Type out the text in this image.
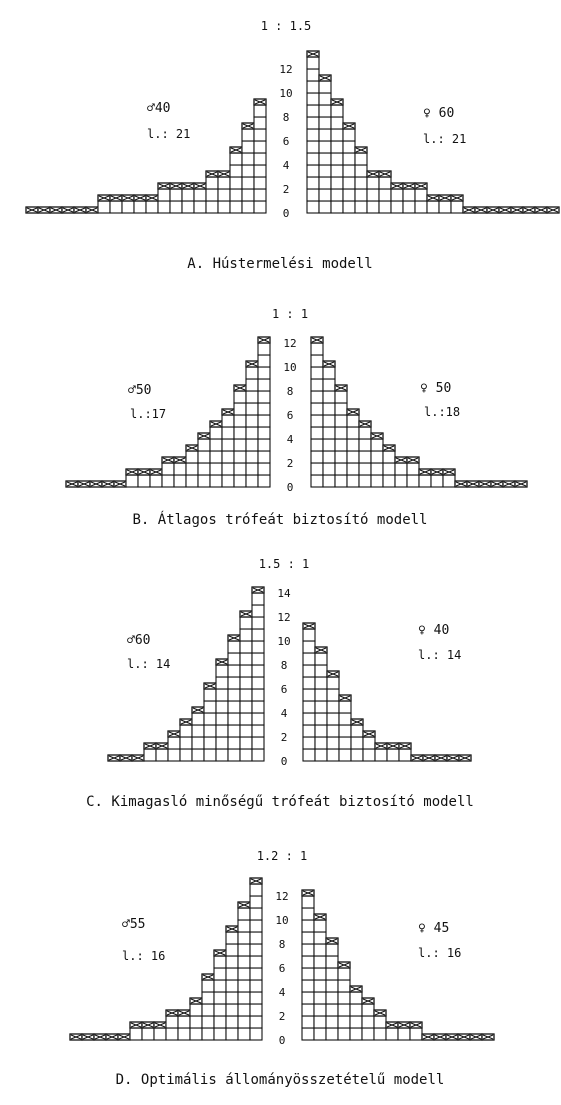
0
2
4
6
8
10
12
1 : 1.5
A. Hústermelési modell
♂40
l.: 21
♀ 60
l.: 21
0
2
4
6
8
10
12
1 : 1
B. Átlagos trófeát biztosító modell
♂50
l.:17
♀ 50
l.:18
0
2
4
6
8
10
12
14
1.5 : 1
C. Kimagasló minőségű trófeát biztosító modell
♂60
l.: 14
♀ 40
l.: 14
0
2
4
6
8
10
12
1.2 : 1
D. Optimális állományösszetételű modell
♂55
l.: 16
♀ 45
l.: 16
